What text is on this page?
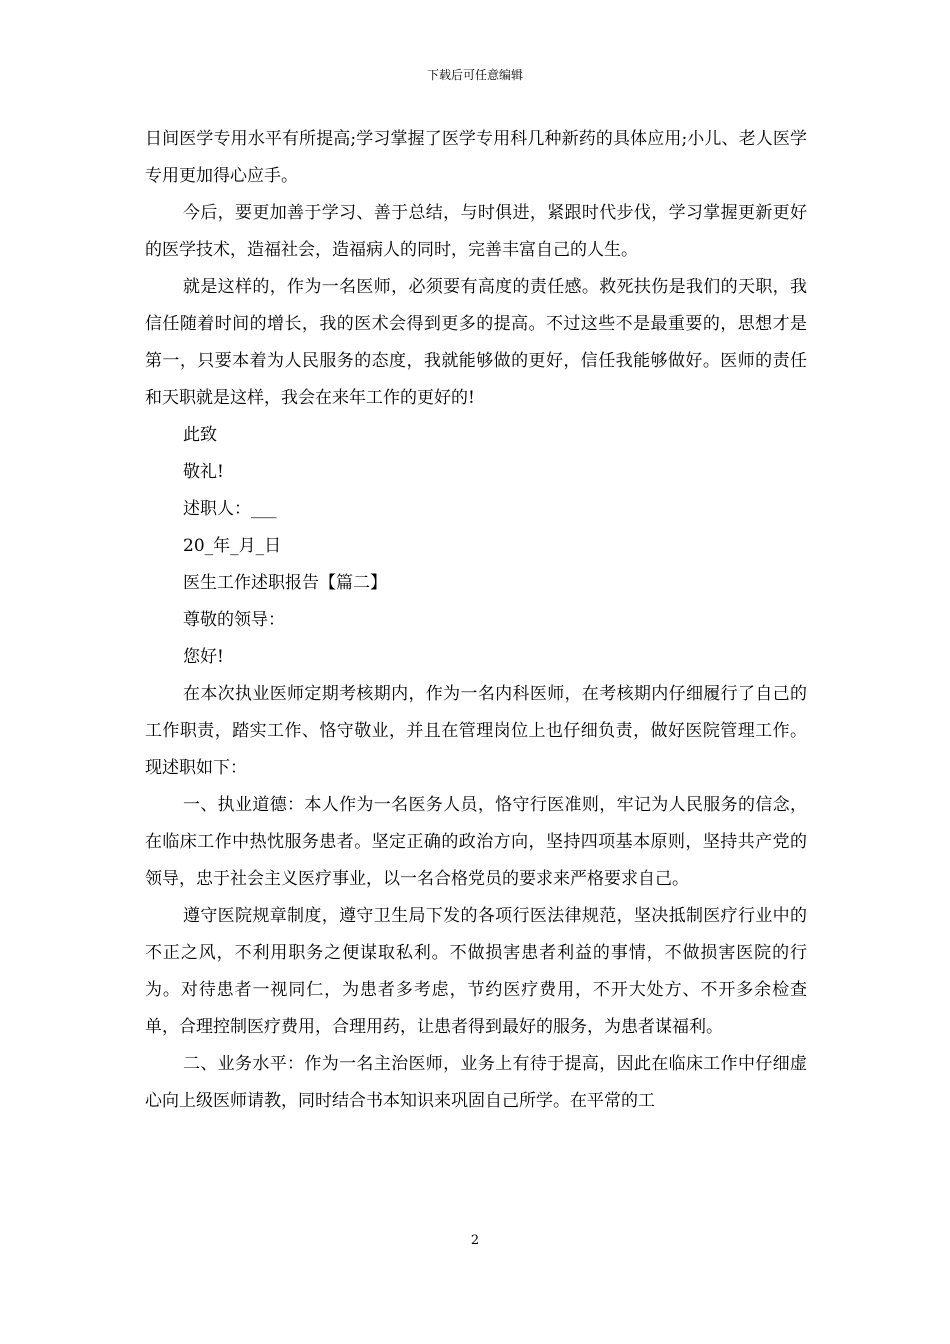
下载后可任意编辑

日间医学专用水平有所提高;学习掌握了医学专用科几种新药的具体应用;小儿、老人医学专用更加得心应手。

今后，要更加善于学习、善于总结，与时俱进，紧跟时代步伐，学习掌握更新更好的医学技术，造福社会，造福病人的同时，完善丰富自己的人生。

就是这样的，作为一名医师，必须要有高度的责任感。救死扶伤是我们的天职，我信任随着时间的增长，我的医术会得到更多的提高。不过这些不是最重要的，思想才是第一，只要本着为人民服务的态度，我就能够做的更好，信任我能够做好。医师的责任和天职就是这样，我会在来年工作的更好的!

此致

敬礼!

述职人：___

20_年_月_日

医生工作述职报告【篇二】

尊敬的领导：

您好!

在本次执业医师定期考核期内，作为一名内科医师，在考核期内仔细履行了自己的工作职责，踏实工作、恪守敬业，并且在管理岗位上也仔细负责，做好医院管理工作。现述职如下：

一、执业道德：本人作为一名医务人员，恪守行医准则，牢记为人民服务的信念，在临床工作中热忱服务患者。坚定正确的政治方向，坚持四项基本原则，坚持共产党的领导，忠于社会主义医疗事业，以一名合格党员的要求来严格要求自己。

遵守医院规章制度，遵守卫生局下发的各项行医法律规范，坚决抵制医疗行业中的不正之风，不利用职务之便谋取私利。不做损害患者利益的事情，不做损害医院的行为。对待患者一视同仁，为患者多考虑，节约医疗费用，不开大处方、不开多余检查单，合理控制医疗费用，合理用药，让患者得到最好的服务，为患者谋福利。

二、业务水平：作为一名主治医师，业务上有待于提高，因此在临床工作中仔细虚心向上级医师请教，同时结合书本知识来巩固自己所学。在平常的工

2
